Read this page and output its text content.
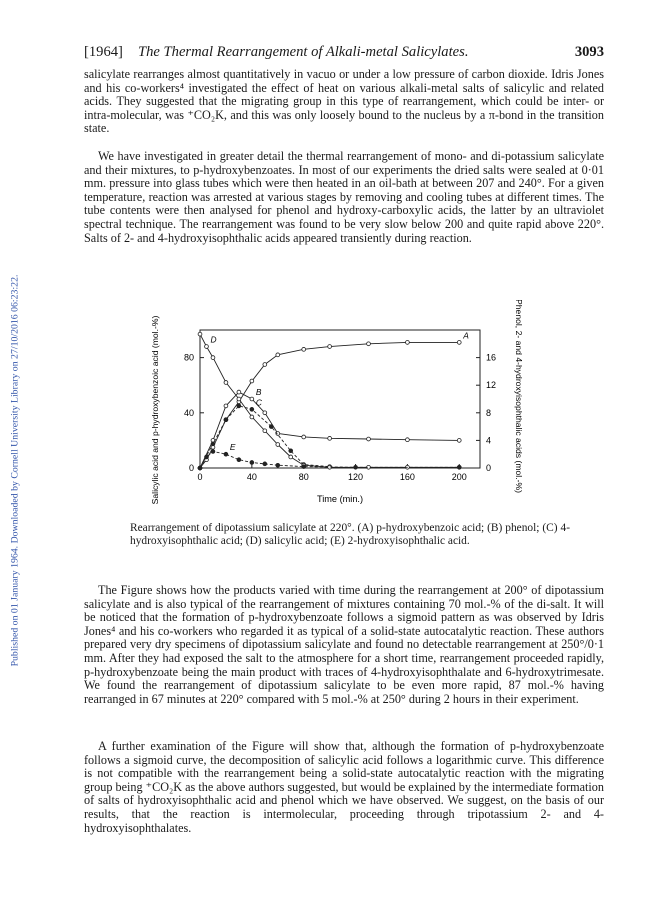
Published on 01 January 1964. Downloaded by Cornell University Library on 27/10/2016 06:23:22.
[1964] The Thermal Rearrangement of Alkali-metal Salicylates.	3093
salicylate rearranges almost quantitatively in vacuo or under a low pressure of carbon dioxide. Idris Jones and his co-workers⁴ investigated the effect of heat on various alkali-metal salts of salicylic and related acids. They suggested that the migrating group in this type of rearrangement, which could be inter- or intra-molecular, was ⁺CO₂K, and this was only loosely bound to the nucleus by a π-bond in the transition state.
We have investigated in greater detail the thermal rearrangement of mono- and di-potassium salicylate and their mixtures, to p-hydroxybenzoates. In most of our experiments the dried salts were sealed at 0·01 mm. pressure into glass tubes which were then heated in an oil-bath at between 207 and 240°. For a given temperature, reaction was arrested at various stages by removing and cooling tubes at different times. The tube contents were then analysed for phenol and hydroxy-carboxylic acids, the latter by an ultraviolet spectral technique. The rearrangement was found to be very slow below 200 and quite rapid above 220°. Salts of 2- and 4-hydroxyisophthalic acids appeared transiently during reaction.
0	40	80	120	160	200
0
40
80
0
4
8
12
16
A
B
C
D
E
Salicylic acid and p-hydroxybenzoic acid (mol.-%)	Phenol, 2- and 4-hydroxyisophthalic acids (mol.-%)
Time (min.)
Rearrangement of dipotassium salicylate at 220°. (A) p-hydroxybenzoic acid; (B) phenol; (C) 4-hydroxyisophthalic acid; (D) salicylic acid; (E) 2-hydroxyisophthalic acid.
The Figure shows how the products varied with time during the rearrangement at 200° of dipotassium salicylate and is also typical of the rearrangement of mixtures containing 70 mol.-% of the di-salt. It will be noticed that the formation of p-hydroxybenzoate follows a sigmoid pattern as was observed by Idris Jones⁴ and his co-workers who regarded it as typical of a solid-state autocatalytic reaction. These authors prepared very dry specimens of dipotassium salicylate and found no detectable rearrangement at 250°/0·1 mm. After they had exposed the salt to the atmosphere for a short time, rearrangement proceeded rapidly, p-hydroxybenzoate being the main product with traces of 4-hydroxyisophthalate and 6-hydroxytrimesate. We found the rearrangement of dipotassium salicylate to be even more rapid, 87 mol.-% having rearranged in 67 minutes at 220° compared with 5 mol.-% at 250° during 2 hours in their experiment.
A further examination of the Figure will show that, although the formation of p-hydroxybenzoate follows a sigmoid curve, the decomposition of salicylic acid follows a logarithmic curve. This difference is not compatible with the rearrangement being a solid-state autocatalytic reaction with the migrating group being ⁺CO₂K as the above authors suggested, but would be explained by the intermediate formation of salts of hydroxyisophthalic acid and phenol which we have observed. We suggest, on the basis of our results, that the reaction is intermolecular, proceeding through tripotassium 2- and 4-hydroxyisophthalates.
